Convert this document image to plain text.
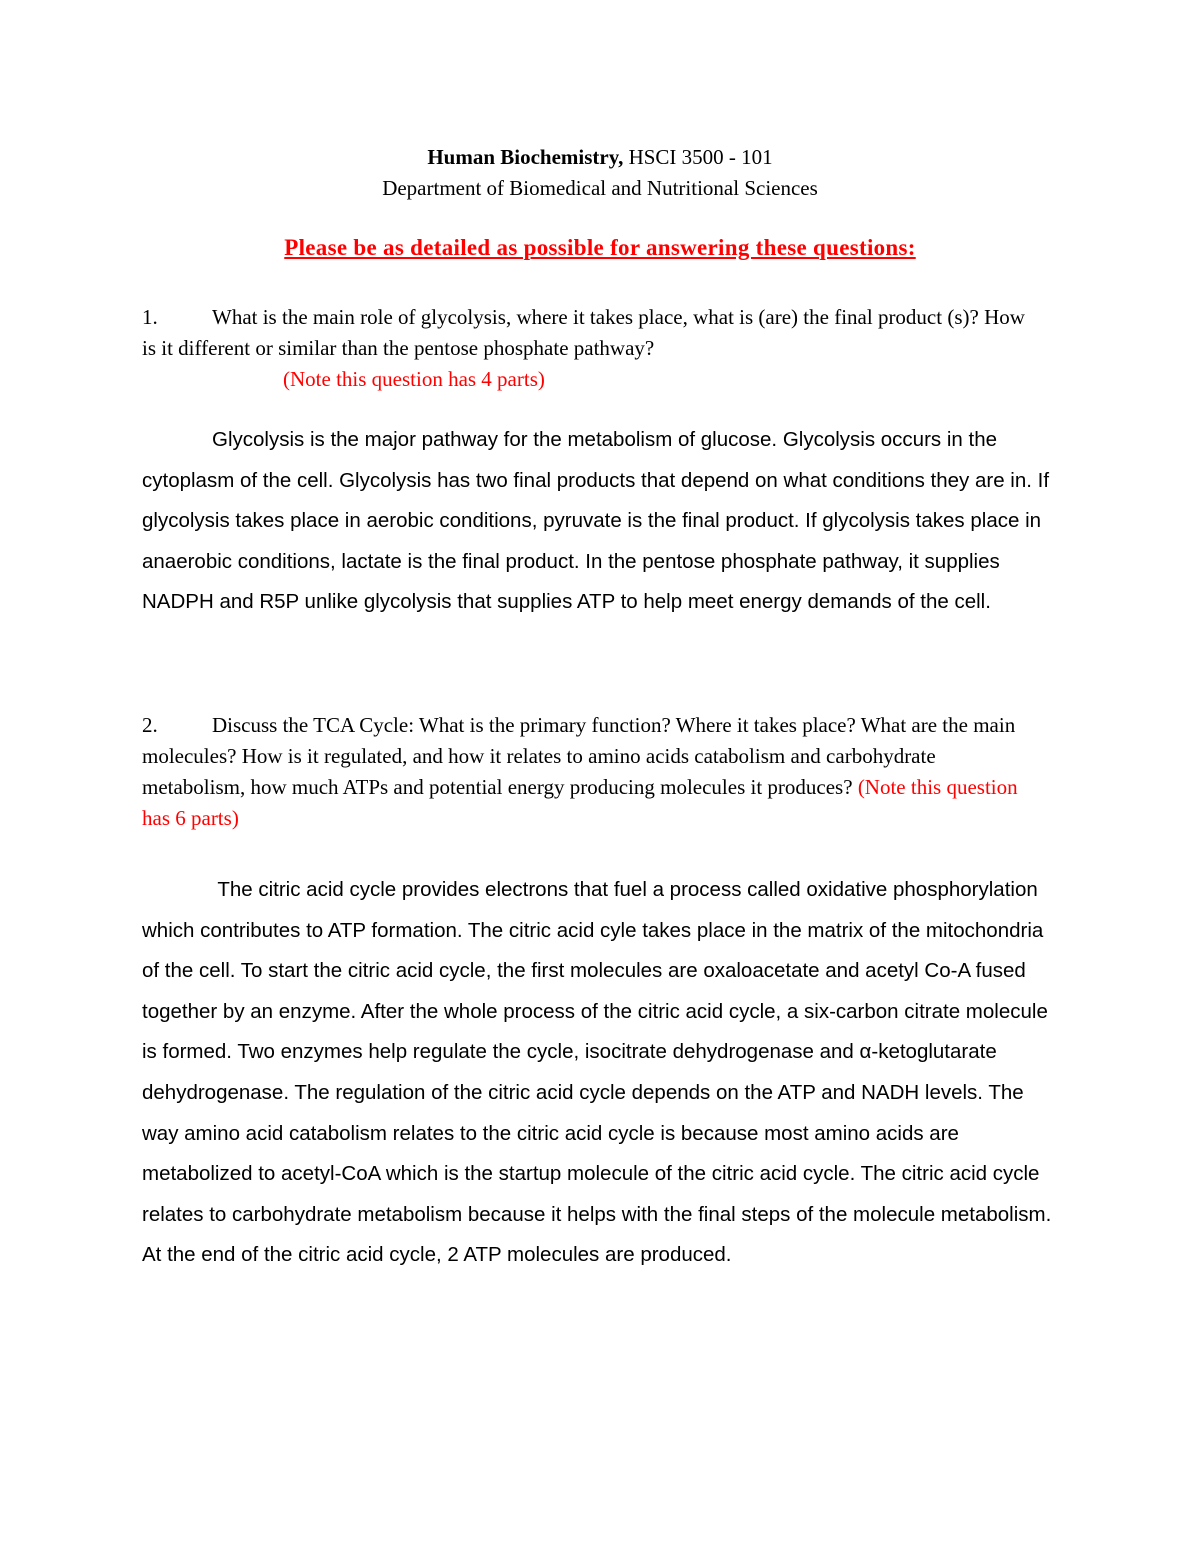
Human Biochemistry, HSCI 3500 - 101
Department of Biomedical and Nutritional Sciences
Please be as detailed as possible for answering these questions:
1.	What is the main role of glycolysis, where it takes place, what is (are) the final product (s)? How is it different or similar than the pentose phosphate pathway?
(Note this question has 4 parts)
Glycolysis is the major pathway for the metabolism of glucose. Glycolysis occurs in the cytoplasm of the cell. Glycolysis has two final products that depend on what conditions they are in. If glycolysis takes place in aerobic conditions, pyruvate is the final product. If glycolysis takes place in anaerobic conditions, lactate is the final product. In the pentose phosphate pathway, it supplies NADPH and R5P unlike glycolysis that supplies ATP to help meet energy demands of the cell.
2.	Discuss the TCA Cycle: What is the primary function? Where it takes place? What are the main molecules? How is it regulated, and how it relates to amino acids catabolism and carbohydrate metabolism, how much ATPs and potential energy producing molecules it produces? (Note this question has 6 parts)
The citric acid cycle provides electrons that fuel a process called oxidative phosphorylation which contributes to ATP formation. The citric acid cyle takes place in the matrix of the mitochondria of the cell. To start the citric acid cycle, the first molecules are oxaloacetate and acetyl Co-A fused together by an enzyme. After the whole process of the citric acid cycle, a six-carbon citrate molecule is formed. Two enzymes help regulate the cycle, isocitrate dehydrogenase and α-ketoglutarate dehydrogenase. The regulation of the citric acid cycle depends on the ATP and NADH levels. The way amino acid catabolism relates to the citric acid cycle is because most amino acids are metabolized to acetyl-CoA which is the startup molecule of the citric acid cycle. The citric acid cycle relates to carbohydrate metabolism because it helps with the final steps of the molecule metabolism. At the end of the citric acid cycle, 2 ATP molecules are produced.
